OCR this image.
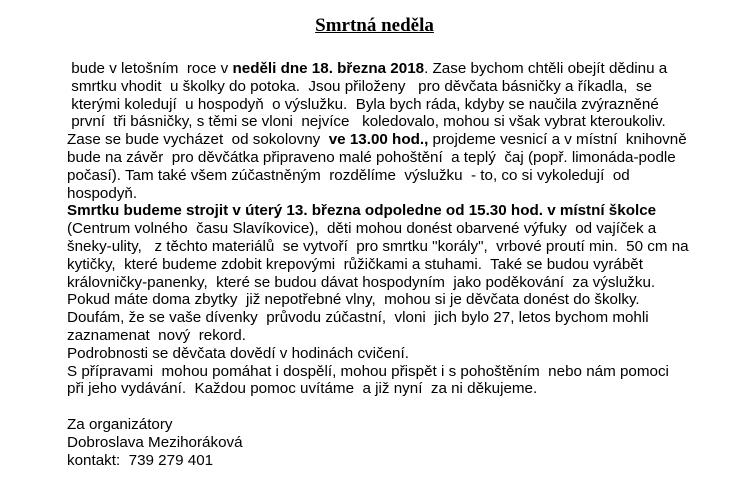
Smrtná neděla
bude v letošním  roce v neděli dne 18. března 2018. Zase bychom chtěli obejít dědinu a
smrtku vhodit  u školky do potoka.  Jsou přiloženy   pro děvčata básničky a říkadla,  se
kterými koledují  u hospodyň  o výslužku.  Byla bych ráda, kdyby se naučila zvýrazněné
první  tři básničky, s těmi se vloni  nejvíce   koledovalo, mohou si však vybrat kteroukoliv.
Zase se bude vycházet  od sokolovny  ve 13.00 hod., projdeme vesnicí a v místní  knihovně
bude na závěr  pro děvčátka připraveno malé pohoštění  a teplý  čaj (popř. limonáda-podle
počasí). Tam také všem zúčastněným  rozdělíme  výslužku  - to, co si vykoledují  od
hospodyň.
Smrtku budeme strojit v úterý 13. března odpoledne od 15.30 hod. v místní školce
(Centrum volného  času Slavíkovice),  děti mohou donést obarvené výfuky  od vajíček a
šneky-ulity,   z těchto materiálů  se vytvoří  pro smrtku "korály",  vrbové proutí min.  50 cm na
kytičky,  které budeme zdobit krepovými  růžičkami a stuhami.  Také se budou vyrábět
královničky-panenky,  které se budou dávat hospodyním  jako poděkování  za výslužku.
Pokud máte doma zbytky  již nepotřebné vlny,  mohou si je děvčata donést do školky.
Doufám, že se vaše dívenky  průvodu zúčastní,  vloni  jich bylo 27, letos bychom mohli
zaznamenat  nový  rekord.
Podrobnosti se děvčata dovědí v hodinách cvičení.
S přípravami  mohou pomáhat i dospělí, mohou přispět i s pohoštěním  nebo nám pomoci
při jeho vydávání.  Každou pomoc uvítáme  a již nyní  za ni děkujeme.
Za organizátory
Dobroslava Mezihoráková
kontakt:  739 279 401
